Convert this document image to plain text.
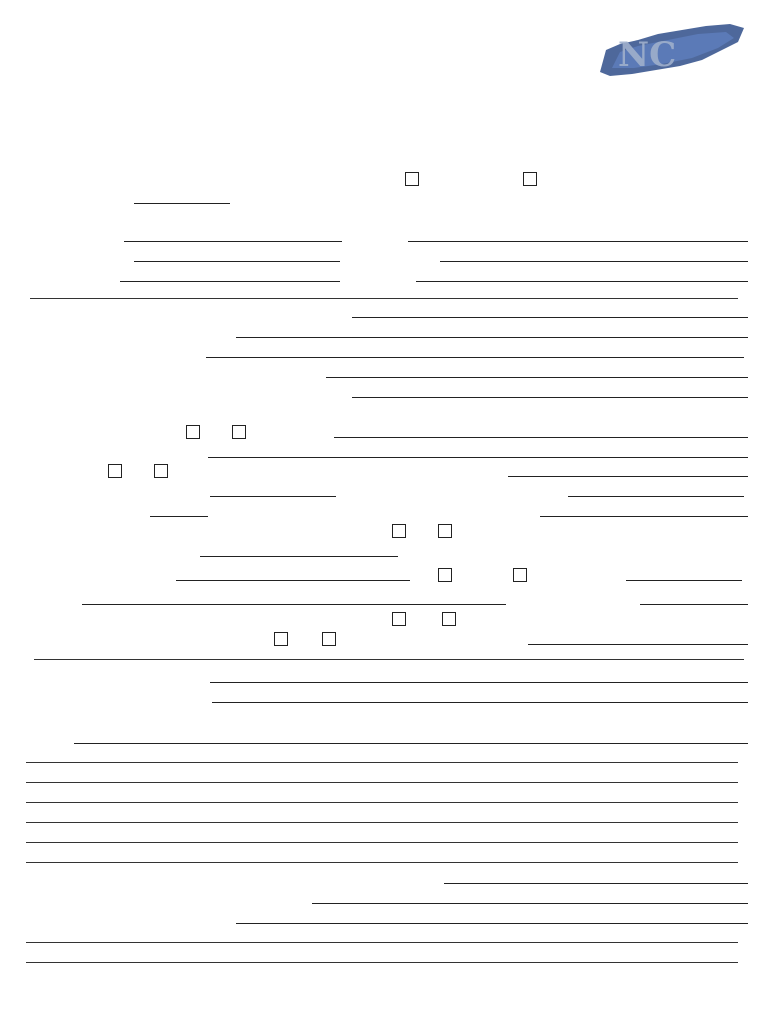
NC
